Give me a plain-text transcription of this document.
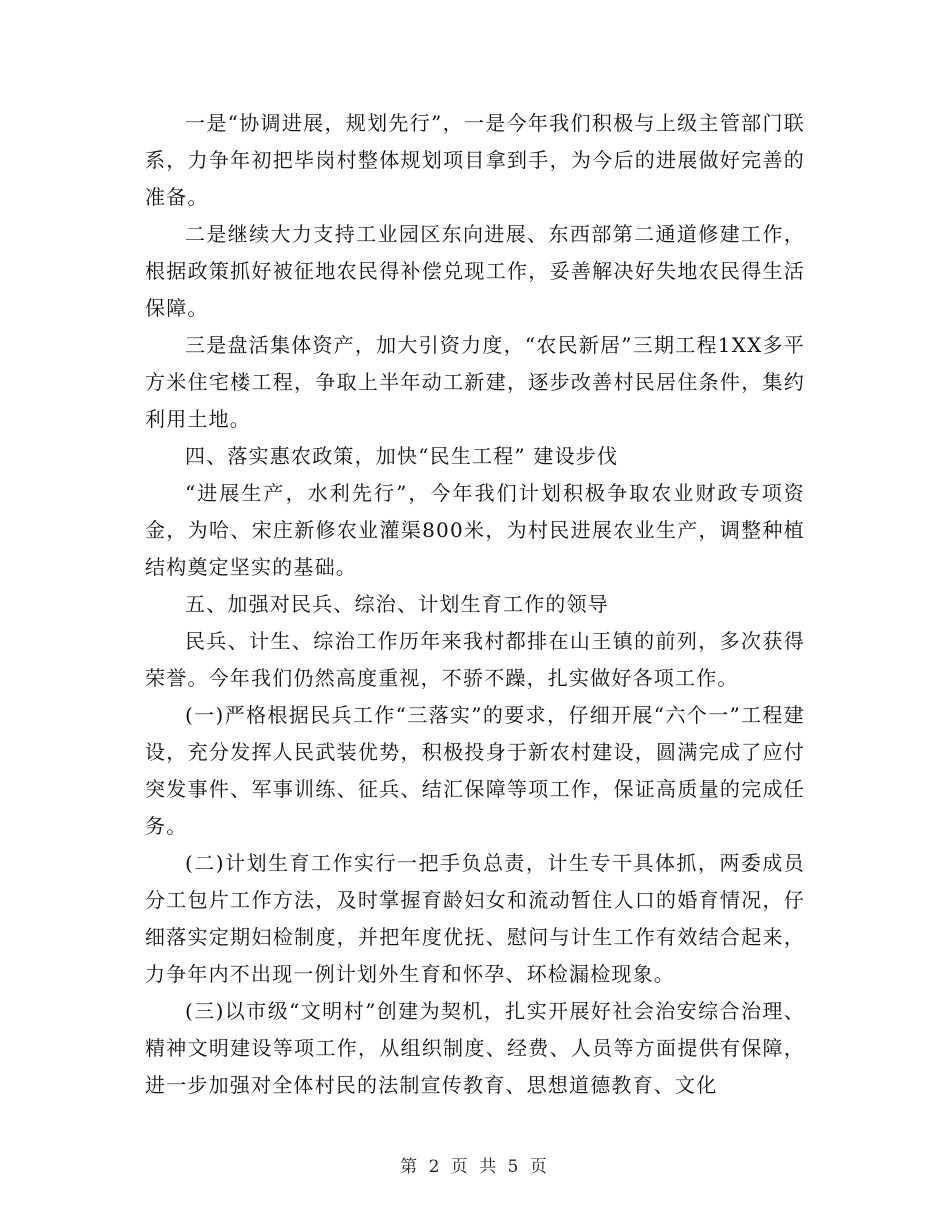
一是“协调进展，规划先行”，一是今年我们积极与上级主管部门联系，力争年初把毕岗村整体规划项目拿到手，为今后的进展做好完善的准备。

二是继续大力支持工业园区东向进展、东西部第二通道修建工作，根据政策抓好被征地农民得补偿兑现工作，妥善解决好失地农民得生活保障。

三是盘活集体资产，加大引资力度，“农民新居”三期工程1XX多平方米住宅楼工程，争取上半年动工新建，逐步改善村民居住条件，集约利用土地。

四、落实惠农政策，加快“民生工程” 建设步伐

“进展生产，水利先行”，今年我们计划积极争取农业财政专项资金，为哈、宋庄新修农业灌渠800米，为村民进展农业生产，调整种植结构奠定坚实的基础。

五、加强对民兵、综治、计划生育工作的领导

民兵、计生、综治工作历年来我村都排在山王镇的前列，多次获得荣誉。今年我们仍然高度重视，不骄不躁，扎实做好各项工作。

(一)严格根据民兵工作“三落实”的要求，仔细开展“六个一”工程建设，充分发挥人民武装优势，积极投身于新农村建设，圆满完成了应付突发事件、军事训练、征兵、结汇保障等项工作，保证高质量的完成任务。

(二)计划生育工作实行一把手负总责，计生专干具体抓，两委成员分工包片工作方法，及时掌握育龄妇女和流动暂住人口的婚育情况，仔细落实定期妇检制度，并把年度优抚、慰问与计生工作有效结合起来，力争年内不出现一例计划外生育和怀孕、环检漏检现象。

(三)以市级“文明村”创建为契机，扎实开展好社会治安综合治理、精神文明建设等项工作，从组织制度、经费、人员等方面提供有保障，进一步加强对全体村民的法制宣传教育、思想道德教育、文化

第 2 页 共 5 页
